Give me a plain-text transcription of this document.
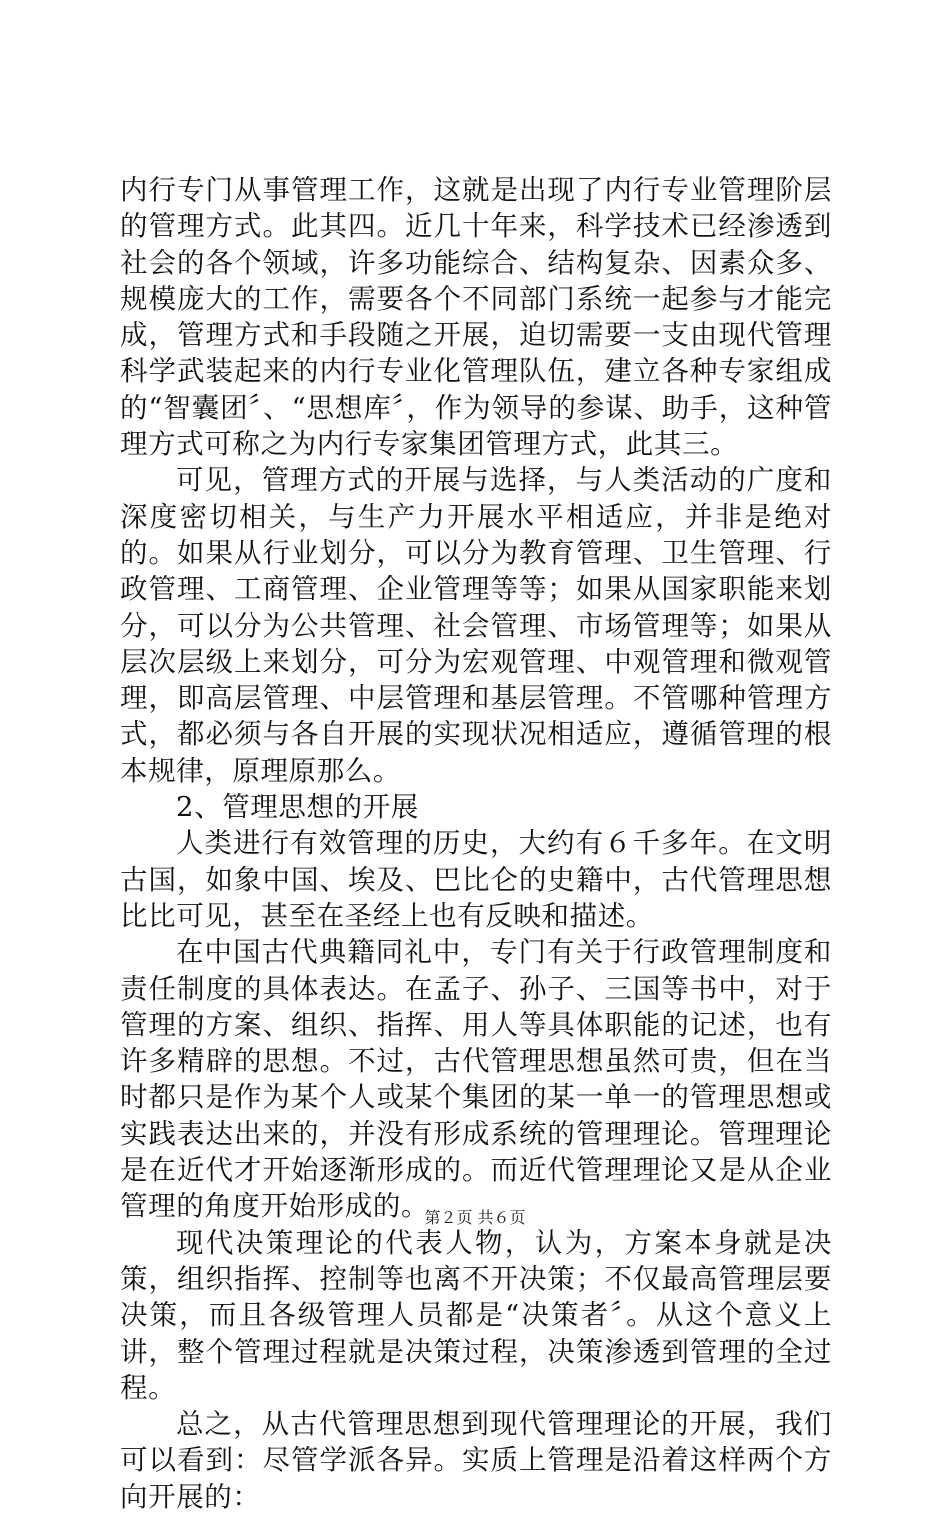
内行专门从事管理工作，这就是出现了内行专业管理阶层的管理方式。此其四。近几十年来，科学技术已经渗透到社会的各个领域，许多功能综合、结构复杂、因素众多、规模庞大的工作，需要各个不同部门系统一起参与才能完成，管理方式和手段随之开展，迫切需要一支由现代管理科学武装起来的内行专业化管理队伍，建立各种专家组成的“智囊团〞、“思想库〞，作为领导的参谋、助手，这种管理方式可称之为内行专家集团管理方式，此其三。

可见，管理方式的开展与选择，与人类活动的广度和深度密切相关，与生产力开展水平相适应，并非是绝对的。如果从行业划分，可以分为教育管理、卫生管理、行政管理、工商管理、企业管理等等；如果从国家职能来划分，可以分为公共管理、社会管理、市场管理等；如果从层次层级上来划分，可分为宏观管理、中观管理和微观管理，即高层管理、中层管理和基层管理。不管哪种管理方式，都必须与各自开展的实现状况相适应，遵循管理的根本规律，原理原那么。

2、管理思想的开展

人类进行有效管理的历史，大约有６千多年。在文明古国，如象中国、埃及、巴比仑的史籍中，古代管理思想比比可见，甚至在圣经上也有反映和描述。

在中国古代典籍同礼中，专门有关于行政管理制度和责任制度的具体表达。在孟子、孙子、三国等书中，对于管理的方案、组织、指挥、用人等具体职能的记述，也有许多精辟的思想。不过，古代管理思想虽然可贵，但在当时都只是作为某个人或某个集团的某一单一的管理思想或实践表达出来的，并没有形成系统的管理理论。管理理论是在近代才开始逐渐形成的。而近代管理理论又是从企业管理的角度开始形成的。

现代决策理论的代表人物，认为，方案本身就是决策，组织指挥、控制等也离不开决策；不仅最高管理层要决策，而且各级管理人员都是“决策者〞。从这个意义上讲，整个管理过程就是决策过程，决策渗透到管理的全过程。

总之，从古代管理思想到现代管理理论的开展，我们可以看到：尽管学派各异。实质上管理是沿着这样两个方向开展的：

第２页 共６页
